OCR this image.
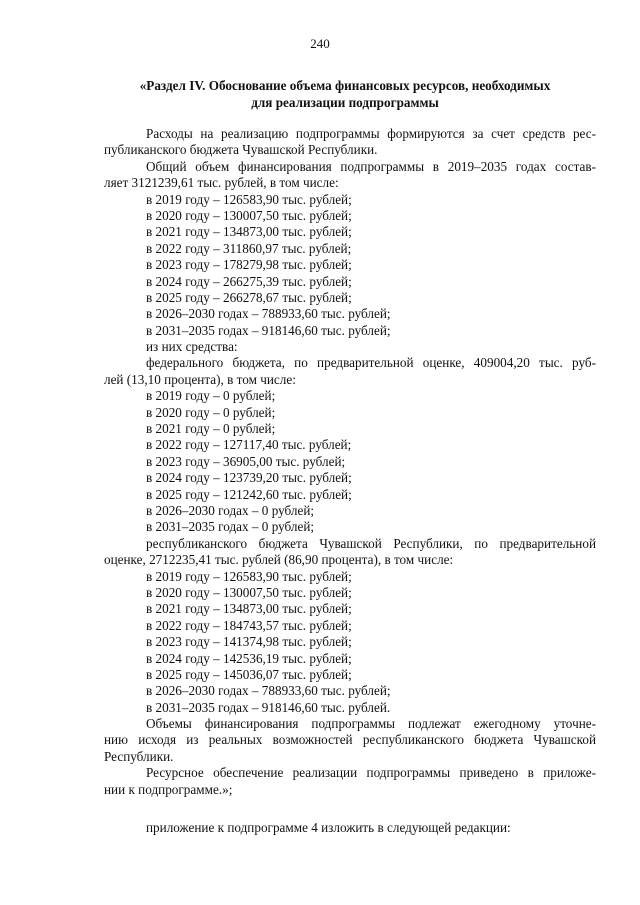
240
«Раздел IV. Обоснование объема финансовых ресурсов, необходимых
для реализации подпрограммы
Расходы на реализацию подпрограммы формируются за счет средств рес-
публиканского бюджета Чувашской Республики.
Общий объем финансирования подпрограммы в 2019–2035 годах состав-
ляет 3121239,61 тыс. рублей, в том числе:
в 2019 году – 126583,90 тыс. рублей;
в 2020 году – 130007,50 тыс. рублей;
в 2021 году – 134873,00 тыс. рублей;
в 2022 году – 311860,97 тыс. рублей;
в 2023 году – 178279,98 тыс. рублей;
в 2024 году – 266275,39 тыс. рублей;
в 2025 году – 266278,67 тыс. рублей;
в 2026–2030 годах – 788933,60 тыс. рублей;
в 2031–2035 годах – 918146,60 тыс. рублей;
из них средства:
федерального бюджета, по предварительной оценке, 409004,20 тыс. руб-
лей (13,10 процента), в том числе:
в 2019 году – 0 рублей;
в 2020 году – 0 рублей;
в 2021 году – 0 рублей;
в 2022 году – 127117,40 тыс. рублей;
в 2023 году – 36905,00 тыс. рублей;
в 2024 году – 123739,20 тыс. рублей;
в 2025 году – 121242,60 тыс. рублей;
в 2026–2030 годах – 0 рублей;
в 2031–2035 годах – 0 рублей;
республиканского бюджета Чувашской Республики, по предварительной
оценке, 2712235,41 тыс. рублей (86,90 процента), в том числе:
в 2019 году – 126583,90 тыс. рублей;
в 2020 году – 130007,50 тыс. рублей;
в 2021 году – 134873,00 тыс. рублей;
в 2022 году – 184743,57 тыс. рублей;
в 2023 году – 141374,98 тыс. рублей;
в 2024 году – 142536,19 тыс. рублей;
в 2025 году – 145036,07 тыс. рублей;
в 2026–2030 годах – 788933,60 тыс. рублей;
в 2031–2035 годах – 918146,60 тыс. рублей.
Объемы финансирования подпрограммы подлежат ежегодному уточне-
нию исходя из реальных возможностей республиканского бюджета Чувашской
Республики.
Ресурсное обеспечение реализации подпрограммы приведено в приложе-
нии к подпрограмме.»;
приложение к подпрограмме 4 изложить в следующей редакции:
